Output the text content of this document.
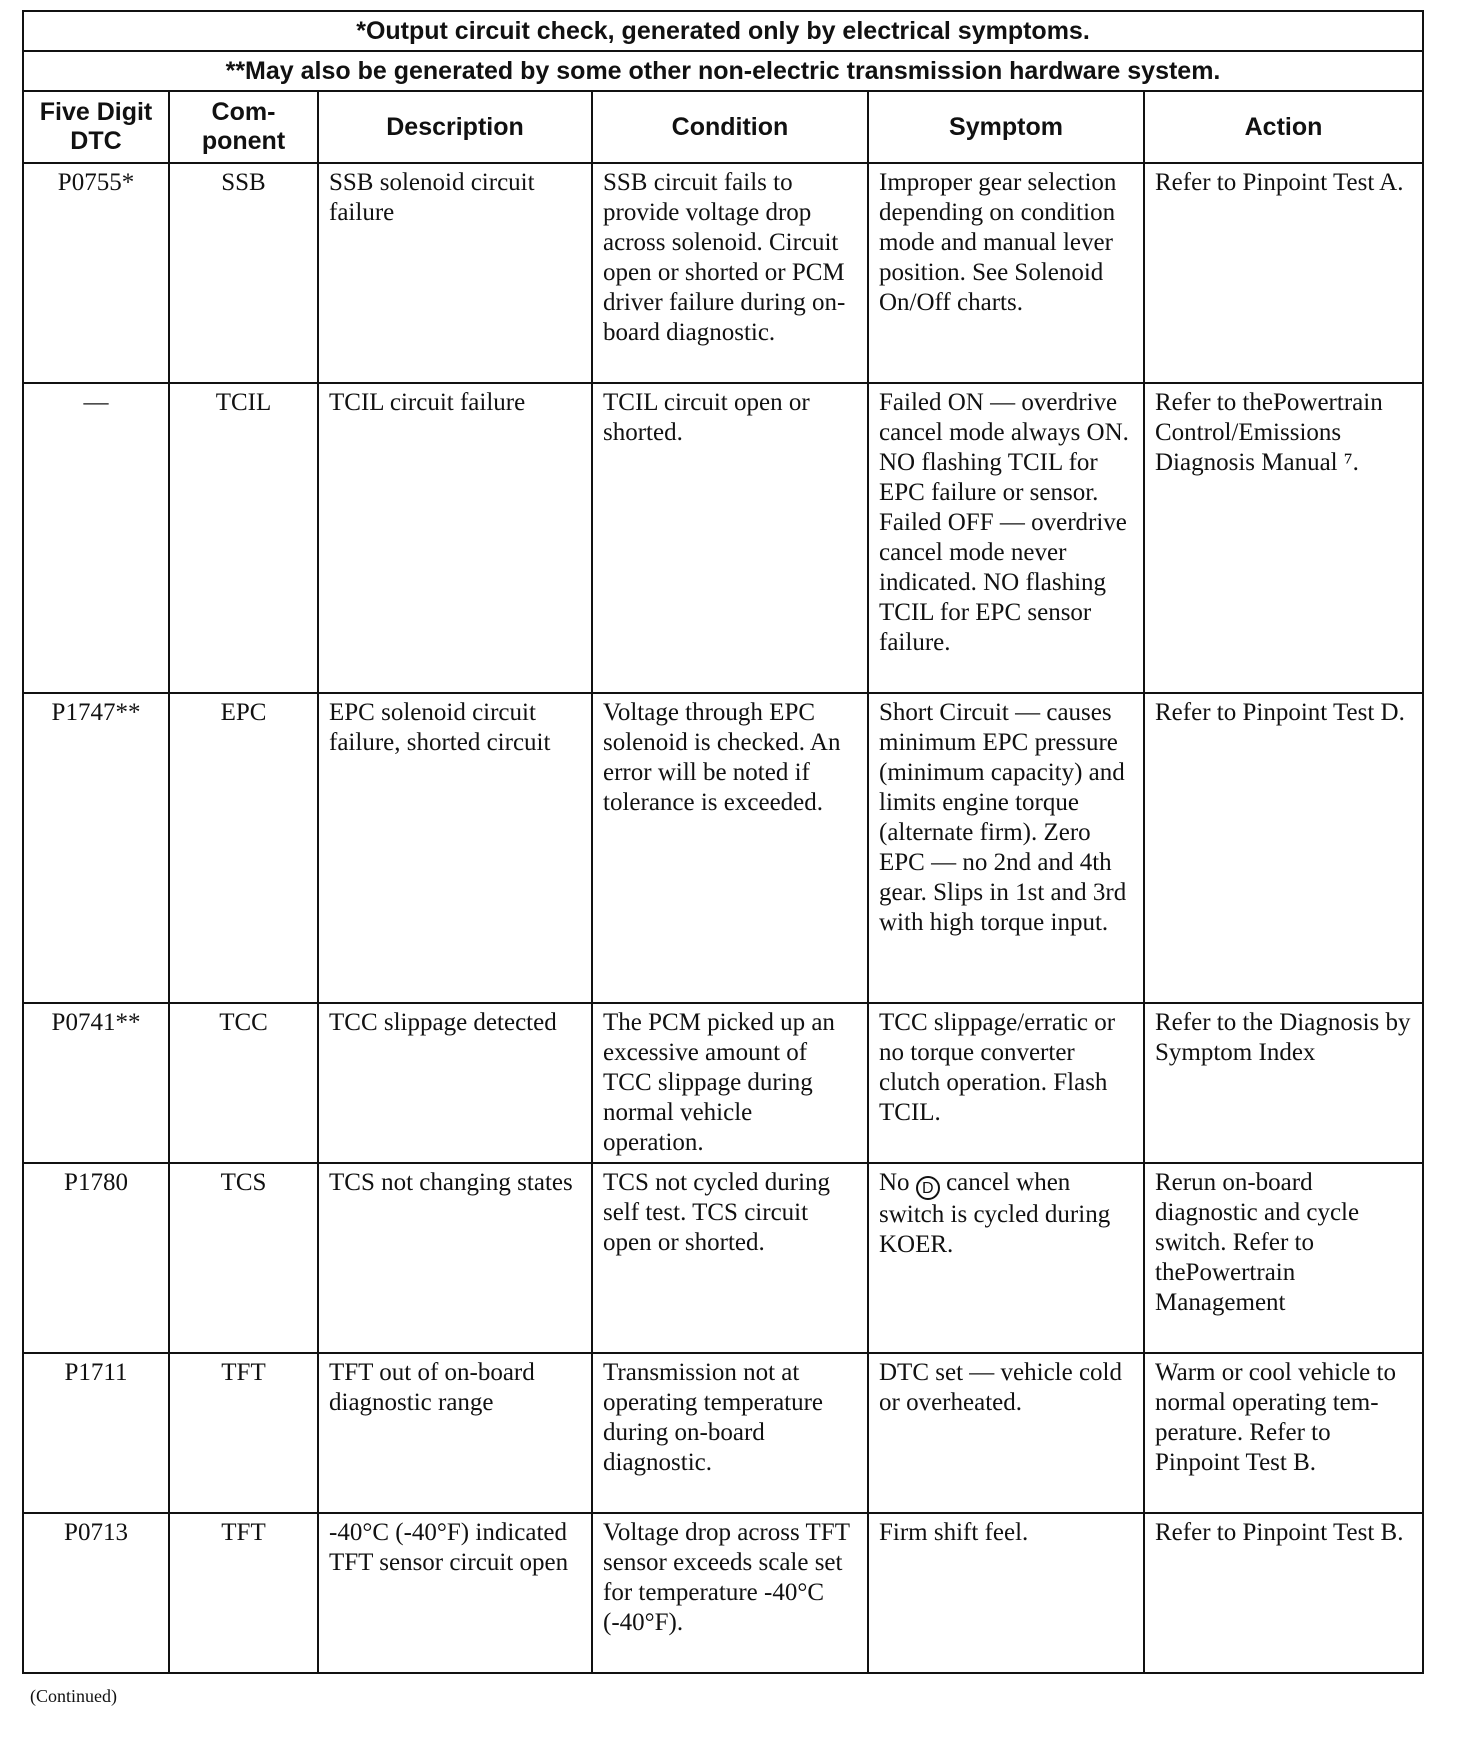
*Output circuit check, generated only by electrical symptoms.					
**May also be generated by some other non-electric transmission hardware system.					
Five Digit DTC	Com- ponent	Description	Condition	Symptom	Action
P0755*	SSB	SSB solenoid circuit failure	SSB circuit fails to provide voltage drop across solenoid. Circuit open or shorted or PCM driver failure during on-board diagnostic.	Improper gear selection depending on condition mode and manual lever position. See Solenoid On/Off charts.	Refer to Pinpoint Test A.
—	TCIL	TCIL circuit failure	TCIL circuit open or shorted.	Failed ON — overdrive cancel mode always ON. NO flashing TCIL for EPC failure or sensor. Failed OFF — overdrive cancel mode never indicated. NO flashing TCIL for EPC sensor failure.	Refer to thePowertrain Control/Emissions Diagnosis Manual ⁷.
P1747**	EPC	EPC solenoid circuit failure, shorted circuit	Voltage through EPC solenoid is checked. An error will be noted if tolerance is exceeded.	Short Circuit — causes minimum EPC pressure (minimum capacity) and limits engine torque (alternate firm). Zero EPC — no 2nd and 4th gear. Slips in 1st and 3rd with high torque input.	Refer to Pinpoint Test D.
P0741**	TCC	TCC slippage detected	The PCM picked up an excessive amount of TCC slippage during normal vehicle operation.	TCC slippage/erratic or no torque converter clutch operation. Flash TCIL.	Refer to the Diagnosis by Symptom Index
P1780	TCS	TCS not changing states	TCS not cycled during self test. TCS circuit open or shorted.	No D cancel when switch is cycled during KOER.	Rerun on-board diagnostic and cycle switch. Refer to thePowertrain Management
P1711	TFT	TFT out of on-board diagnostic range	Transmission not at operating temperature during on-board diagnostic.	DTC set — vehicle cold or overheated.	Warm or cool vehicle to normal operating tem- perature. Refer to Pinpoint Test B.
P0713	TFT	-40°C (-40°F) indicated TFT sensor circuit open	Voltage drop across TFT sensor exceeds scale set for temperature -40°C (-40°F).	Firm shift feel.	Refer to Pinpoint Test B.
(Continued)
